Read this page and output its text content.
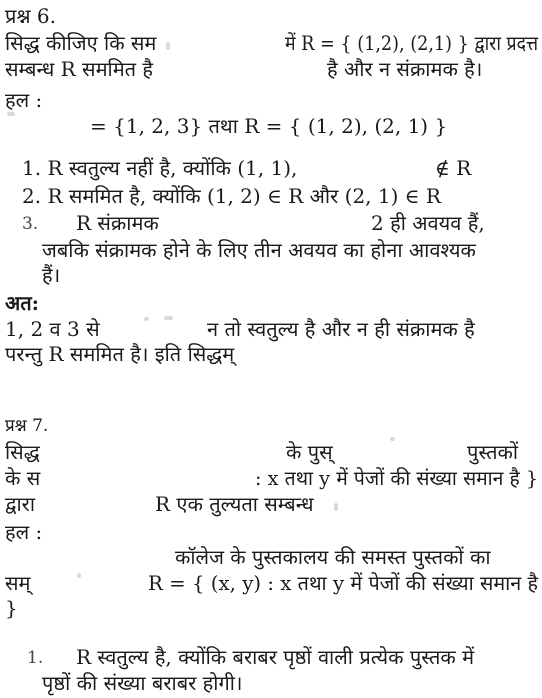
प्रश्न 6.
सिद्ध कीजिए कि सम	में R = { (1,2), (2,1) } द्वारा प्रदत्त
सम्बन्ध R सममित है	है और न संक्रामक है।
हल :
= {1, 2, 3} तथा R = { (1, 2), (2, 1) }
1. R स्वतुल्य नहीं है, क्योंकि (1, 1),	∉ R
2. R सममित है, क्योंकि (1, 2) ∈ R और (2, 1) ∈ R
3. R संक्रामक	2 ही अवयव हैं,
जबकि संक्रामक होने के लिए तीन अवयव का होना आवश्यक
हैं।
अत:
1, 2 व 3 से	न तो स्वतुल्य है और न ही संक्रामक है
परन्तु R सममित है। इति सिद्धम्
प्रश्न 7.
सिद्ध	के पुस्	पुस्तकों
के स	: x तथा y में पेजों की संख्या समान है }
द्वारा	R एक तुल्यता सम्बन्ध
हल :
कॉलेज के पुस्तकालय की समस्त पुस्तकों का
सम्	R = { (x, y) : x तथा y में पेजों की संख्या समान है
}
1. R स्वतुल्य है, क्योंकि बराबर पृष्ठों वाली प्रत्येक पुस्तक में
पृष्ठों की संख्या बराबर होगी।
